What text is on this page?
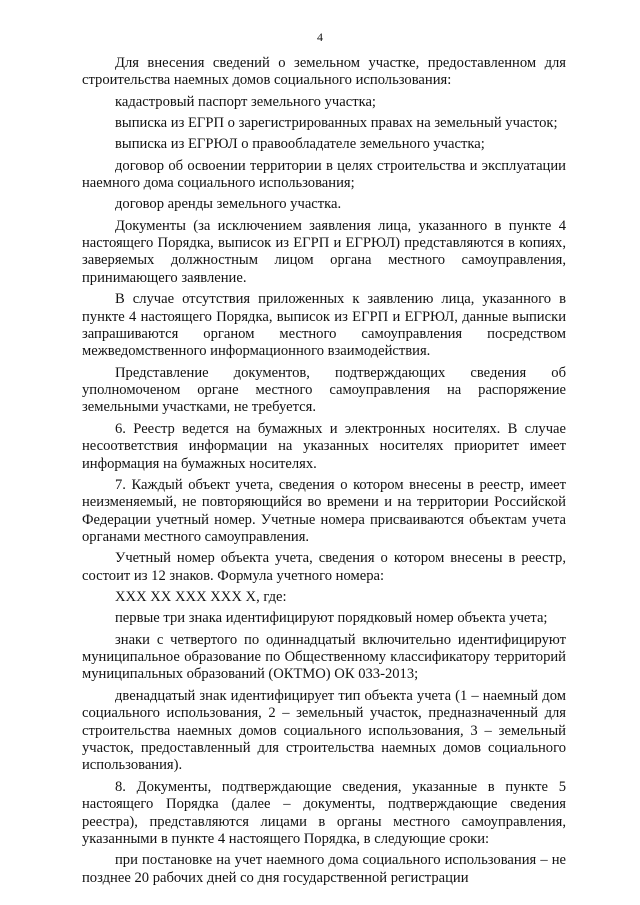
4

Для внесения сведений о земельном участке, предоставленном для строительства наемных домов социального использования:

кадастровый паспорт земельного участка;

выписка из ЕГРП о зарегистрированных правах на земельный участок;

выписка из ЕГРЮЛ о правообладателе земельного участка;

договор об освоении территории в целях строительства и эксплуатации наемного дома социального использования;

договор аренды земельного участка.

Документы (за исключением заявления лица, указанного в пункте 4 настоящего Порядка, выписок из ЕГРП и ЕГРЮЛ) представляются в копиях, заверяемых должностным лицом органа местного самоуправления, принимающего заявление.

В случае отсутствия приложенных к заявлению лица, указанного в пункте 4 настоящего Порядка, выписок из ЕГРП и ЕГРЮЛ, данные выписки запрашиваются органом местного самоуправления посредством межведомственного информационного взаимодействия.

Представление документов, подтверждающих сведения об уполномоченом органе местного самоуправления на распоряжение земельными участками, не требуется.

6. Реестр ведется на бумажных и электронных носителях. В случае несоответствия информации на указанных носителях приоритет имеет информация на бумажных носителях.

7. Каждый объект учета, сведения о котором внесены в реестр, имеет неизменяемый, не повторяющийся во времени и на территории Российской Федерации учетный номер. Учетные номера присваиваются объектам учета органами местного самоуправления.

Учетный номер объекта учета, сведения о котором внесены в реестр, состоит из 12 знаков. Формула учетного номера:

XXX XX XXX XXX X, где:

первые три знака идентифицируют порядковый номер объекта учета;

знаки с четвертого по одиннадцатый включительно идентифицируют муниципальное образование по Общественному классификатору территорий муниципальных образований (ОКТМО) ОК 033-2013;

двенадцатый знак идентифицирует тип объекта учета (1 – наемный дом социального использования, 2 – земельный участок, предназначенный для строительства наемных домов социального использования, 3 – земельный участок, предоставленный для строительства наемных домов социального использования).

8. Документы, подтверждающие сведения, указанные в пункте 5 настоящего Порядка (далее – документы, подтверждающие сведения реестра), представляются лицами в органы местного самоуправления, указанными в пункте 4 настоящего Порядка, в следующие сроки:

при постановке на учет наемного дома социального использования – не позднее 20 рабочих дней со дня государственной регистрации
